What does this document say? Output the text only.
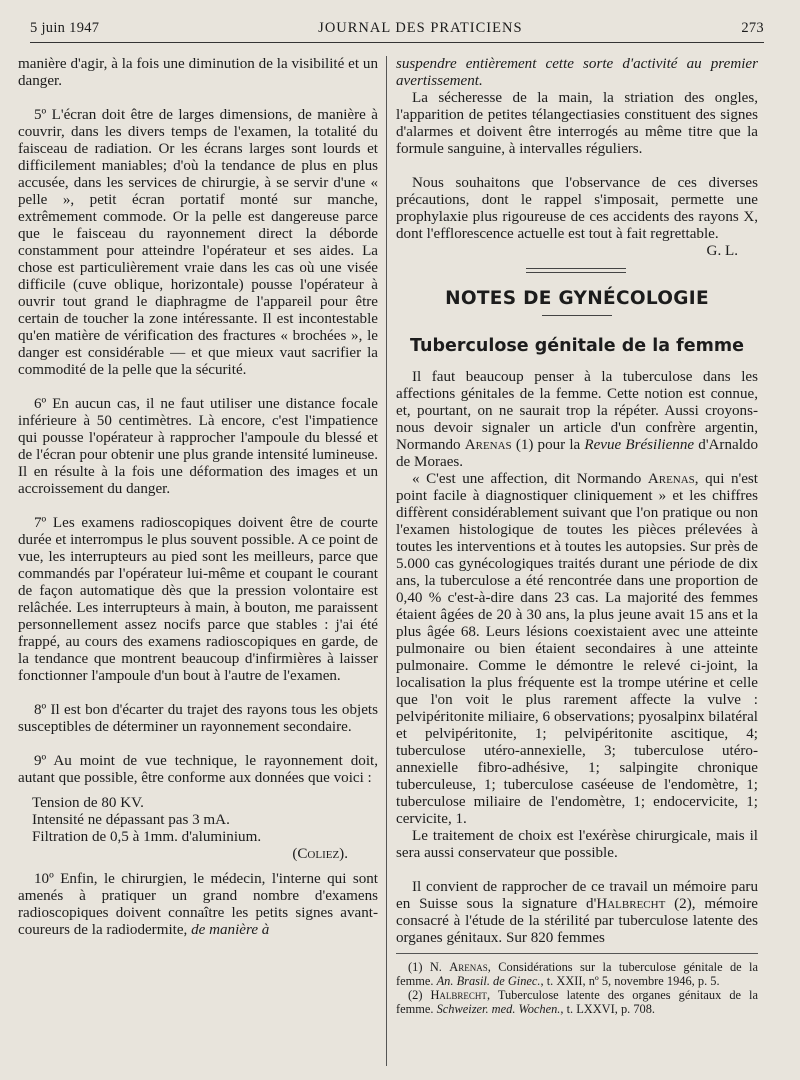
5 juin 1947	JOURNAL DES PRATICIENS	273

manière d'agir, à la fois une diminution de la visibilité et un danger.

5º L'écran doit être de larges dimensions, de manière à couvrir, dans les divers temps de l'examen, la totalité du faisceau de radiation. Or les écrans larges sont lourds et difficilement maniables; d'où la tendance de plus en plus accusée, dans les services de chirurgie, à se servir d'une « pelle », petit écran portatif monté sur manche, extrêmement commode. Or la pelle est dangereuse parce que le faisceau du rayonnement direct la déborde constamment pour atteindre l'opérateur et ses aides. La chose est particulièrement vraie dans les cas où une visée difficile (cuve oblique, horizontale) pousse l'opérateur à ouvrir tout grand le diaphragme de l'appareil pour être certain de toucher la zone intéressante. Il est incontestable qu'en matière de vérification des fractures « brochées », le danger est considérable — et que mieux vaut sacrifier la commodité de la pelle que la sécurité.

6º En aucun cas, il ne faut utiliser une distance focale inférieure à 50 centimètres. Là encore, c'est l'impatience qui pousse l'opérateur à rapprocher l'ampoule du blessé et de l'écran pour obtenir une plus grande intensité lumineuse. Il en résulte à la fois une déformation des images et un accroissement du danger.

7º Les examens radioscopiques doivent être de courte durée et interrompus le plus souvent possible. A ce point de vue, les interrupteurs au pied sont les meilleurs, parce que commandés par l'opérateur lui-même et coupant le courant de façon automatique dès que la pression volontaire est relâchée. Les interrupteurs à main, à bouton, me paraissent personnellement assez nocifs parce que stables : j'ai été frappé, au cours des examens radioscopiques en garde, de la tendance que montrent beaucoup d'infirmières à laisser fonctionner l'ampoule d'un bout à l'autre de l'examen.

8º Il est bon d'écarter du trajet des rayons tous les objets susceptibles de déterminer un rayonnement secondaire.

9º Au moint de vue technique, le rayonnement doit, autant que possible, être conforme aux données que voici :

Tension de 80 KV.

Intensité ne dépassant pas 3 mA.

Filtration de 0,5 à 1mm. d'aluminium.

(Coliez).

10º Enfin, le chirurgien, le médecin, l'interne qui sont amenés à pratiquer un grand nombre d'examens radioscopiques doivent connaître les petits signes avant-coureurs de la radiodermite, de manière à

suspendre entièrement cette sorte d'activité au premier avertissement.

La sécheresse de la main, la striation des ongles, l'apparition de petites télangectiasies constituent des signes d'alarmes et doivent être interrogés au même titre que la formule sanguine, à intervalles réguliers.

Nous souhaitons que l'observance de ces diverses précautions, dont le rappel s'imposait, permette une prophylaxie plus rigoureuse de ces accidents des rayons X, dont l'efflorescence actuelle est tout à fait regrettable.

G. L.

NOTES DE GYNÉCOLOGIE
Tuberculose génitale de la femme

Il faut beaucoup penser à la tuberculose dans les affections génitales de la femme. Cette notion est connue, et, pourtant, on ne saurait trop la répéter. Aussi croyons-nous devoir signaler un article d'un confrère argentin, Normando Arenas (1) pour la Revue Brésilienne d'Arnaldo de Moraes.

« C'est une affection, dit Normando Arenas, qui n'est point facile à diagnostiquer cliniquement » et les chiffres diffèrent considérablement suivant que l'on pratique ou non l'examen histologique de toutes les pièces prélevées à toutes les interventions et à toutes les autopsies. Sur près de 5.000 cas gynécologiques traités durant une période de dix ans, la tuberculose a été rencontrée dans une proportion de 0,40 % c'est-à-dire dans 23 cas. La majorité des femmes étaient âgées de 20 à 30 ans, la plus jeune avait 15 ans et la plus âgée 68. Leurs lésions coexistaient avec une atteinte pulmonaire ou bien étaient secondaires à une atteinte pulmonaire. Comme le démontre le relevé ci-joint, la localisation la plus fréquente est la trompe utérine et celle que l'on voit le plus rarement affecte la vulve : pelvipéritonite miliaire, 6 observations; pyosalpinx bilatéral et pelvipéritonite, 1; pelvipéritonite ascitique, 4; tuberculose utéro-annexielle, 3; tuberculose utéro-annexielle fibro-adhésive, 1; salpingite chronique tuberculeuse, 1; tuberculose caséeuse de l'endomètre, 1; tuberculose miliaire de l'endomètre, 1; endocervicite, 1; cervicite, 1.

Le traitement de choix est l'exérèse chirurgicale, mais il sera aussi conservateur que possible.

Il convient de rapprocher de ce travail un mémoire paru en Suisse sous la signature d'Halbrecht (2), mémoire consacré à l'étude de la stérilité par tuberculose latente des organes génitaux. Sur 820 femmes

(1) N. Arenas, Considérations sur la tuberculose génitale de la femme. An. Brasil. de Ginec., t. XXII, nº 5, novembre 1946, p. 5.

(2) Halbrecht, Tuberculose latente des organes génitaux de la femme. Schweizer. med. Wochen., t. LXXVI, p. 708.
